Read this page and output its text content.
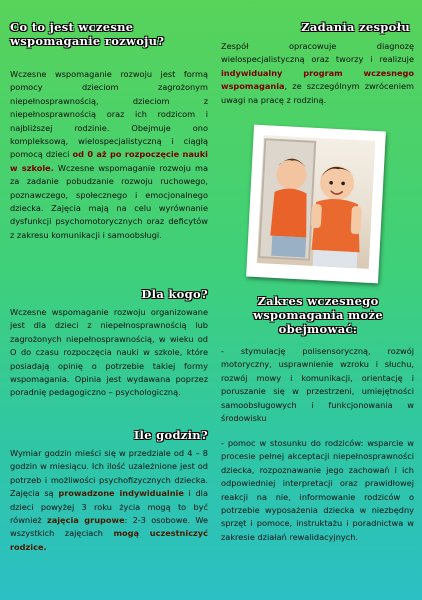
Co to jest wczesne wspomaganie rozwoju?

Wczesne wspomaganie rozwoju jest formą pomocy dzieciom zagrożonym niepełnosprawnością, dzieciom z niepełnosprawnością oraz ich rodzicom i najbliższej rodzinie. Obejmuje ono kompleksową, wielospecjalistyczną i ciągłą pomocą dzieci od 0 aż po rozpoczęcie nauki w szkole. Wczesne wspomaganie rozwoju ma za zadanie pobudzanie rozwoju ruchowego, poznawczego, społecznego i emocjonalnego dziecka. Zajęcia mają na celu wyrównanie dysfunkcji psychomotorycznych oraz deficytów z zakresu komunikacji i samoobsługi.

Dla kogo?

Wczesne wspomaganie rozwoju organizowane jest dla dzieci z niepełnosprawnością lub zagrożonych niepełnosprawnością, w wieku od O do czasu rozpoczęcia nauki w szkole, które posiadają opinię o potrzebie takiej formy wspomagania. Opinia jest wydawana poprzez poradnię pedagogiczno – psychologiczną.

Ile godzin?

Wymiar godzin mieści się w przedziale od 4 – 8 godzin w miesiącu. Ich ilość uzależnione jest od potrzeb i możliwości psychofizycznych dziecka. Zajęcia są prowadzone indywidualnie i dla dzieci powyżej 3 roku życia mogą to być również zajęcia grupowe: 2-3 osobowe. We wszystkich zajęciach mogą uczestniczyć rodzice.

Zadania zespołu

Zespół opracowuje diagnozę wielospecjalistyczną oraz tworzy i realizuje indywidualny program wczesnego wspomagania, ze szczególnym zwróceniem uwagi na pracę z rodziną.

Zakres wczesnego wspomagania może obejmować:

- stymulację polisensoryczną, rozwój motoryczny, usprawnienie wzroku i słuchu, rozwój mowy i komunikacji, orientację i poruszanie się w przestrzeni, umiejętności samoobsługowych i funkcjonowania w środowisku

- pomoc w stosunku do rodziców: wsparcie w procesie pełnej akceptacji niepełnosprawności dziecka, rozpoznawanie jego zachowań i ich odpowiedniej interpretacji oraz prawidłowej reakcji na nie, informowanie rodziców o potrzebie wyposażenia dziecka w niezbędny sprzęt i pomoce, instruktażu i poradnictwa w zakresie działań rewalidacyjnych.
